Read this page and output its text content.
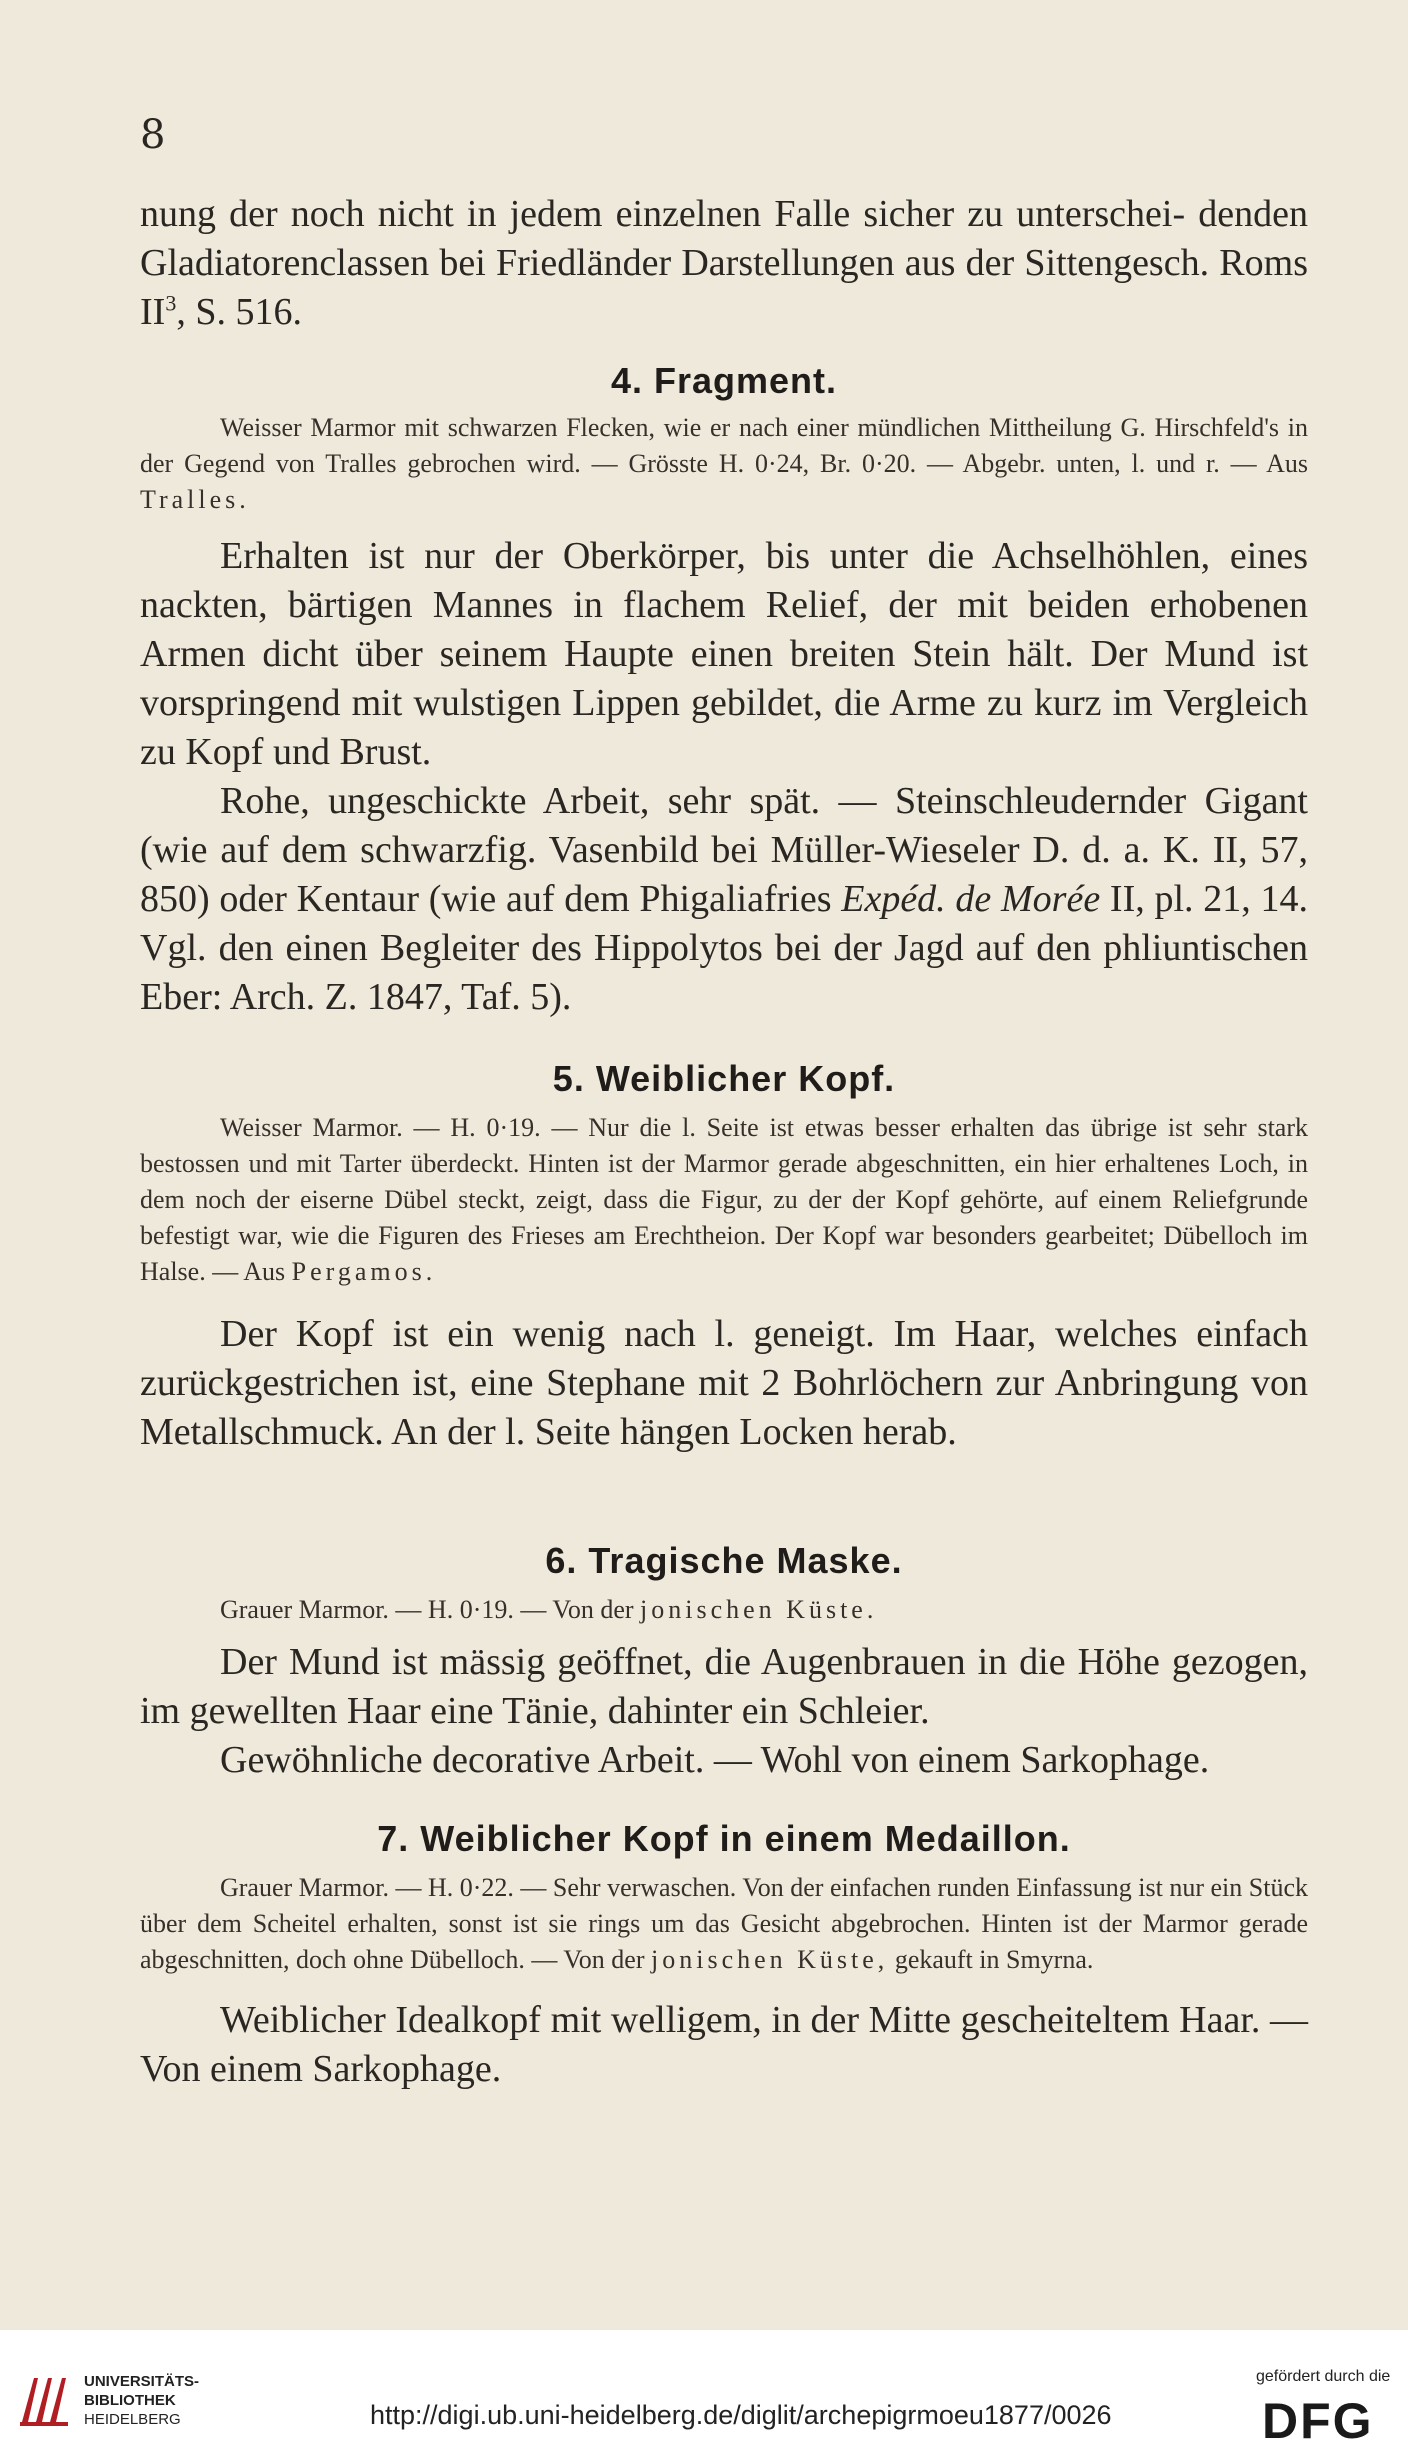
8

nung der noch nicht in jedem einzelnen Falle sicher zu unterschei- denden Gladiatorenclassen bei Friedländer Darstellungen aus der Sittengesch. Roms $II^3$, S. 516.

4. Fragment.

Weisser Marmor mit schwarzen Flecken, wie er nach einer mündlichen Mittheilung G. Hirschfeld's in der Gegend von Tralles gebrochen wird. — Grösste H. 0·24, Br. 0·20. — Abgebr. unten, l. und r. — Aus Tralles.

Erhalten ist nur der Oberkörper, bis unter die Achselhöhlen, eines nackten, bärtigen Mannes in flachem Relief, der mit beiden erhobenen Armen dicht über seinem Haupte einen breiten Stein hält. Der Mund ist vorspringend mit wulstigen Lippen gebildet, die Arme zu kurz im Vergleich zu Kopf und Brust.

Rohe, ungeschickte Arbeit, sehr spät. — Steinschleudernder Gigant (wie auf dem schwarzfig. Vasenbild bei Müller-Wieseler D. d. a. K. II, 57, 850) oder Kentaur (wie auf dem Phigaliafries Expéd. de Morée II, pl. 21, 14. Vgl. den einen Begleiter des Hippolytos bei der Jagd auf den phliuntischen Eber: Arch. Z. 1847, Taf. 5).

5. Weiblicher Kopf.

Weisser Marmor. — H. 0·19. — Nur die l. Seite ist etwas besser erhalten das übrige ist sehr stark bestossen und mit Tarter überdeckt. Hinten ist der Marmor gerade abgeschnitten, ein hier erhaltenes Loch, in dem noch der eiserne Dübel steckt, zeigt, dass die Figur, zu der der Kopf gehörte, auf einem Reliefgrunde befestigt war, wie die Figuren des Frieses am Erechtheion. Der Kopf war besonders gearbeitet; Dübelloch im Halse. — Aus Pergamos.

Der Kopf ist ein wenig nach l. geneigt. Im Haar, welches einfach zurückgestrichen ist, eine Stephane mit 2 Bohrlöchern zur Anbringung von Metallschmuck. An der l. Seite hängen Locken herab.

6. Tragische Maske.

Grauer Marmor. — H. 0·19. — Von der jonischen Küste.

Der Mund ist mässig geöffnet, die Augenbrauen in die Höhe gezogen, im gewellten Haar eine Tänie, dahinter ein Schleier.

Gewöhnliche decorative Arbeit. — Wohl von einem Sarkophage.

7. Weiblicher Kopf in einem Medaillon.

Grauer Marmor. — H. 0·22. — Sehr verwaschen. Von der einfachen runden Einfassung ist nur ein Stück über dem Scheitel erhalten, sonst ist sie rings um das Gesicht abgebrochen. Hinten ist der Marmor gerade abgeschnitten, doch ohne Dübelloch. — Von der jonischen Küste, gekauft in Smyrna.

Weiblicher Idealkopf mit welligem, in der Mitte gescheiteltem Haar. — Von einem Sarkophage.

UNIVERSITÄTS-
BIBLIOTHEK
HEIDELBERG	http://digi.ub.uni-heidelberg.de/diglit/archepigrmoeu1877/0026
gefördert durch die
DFG
